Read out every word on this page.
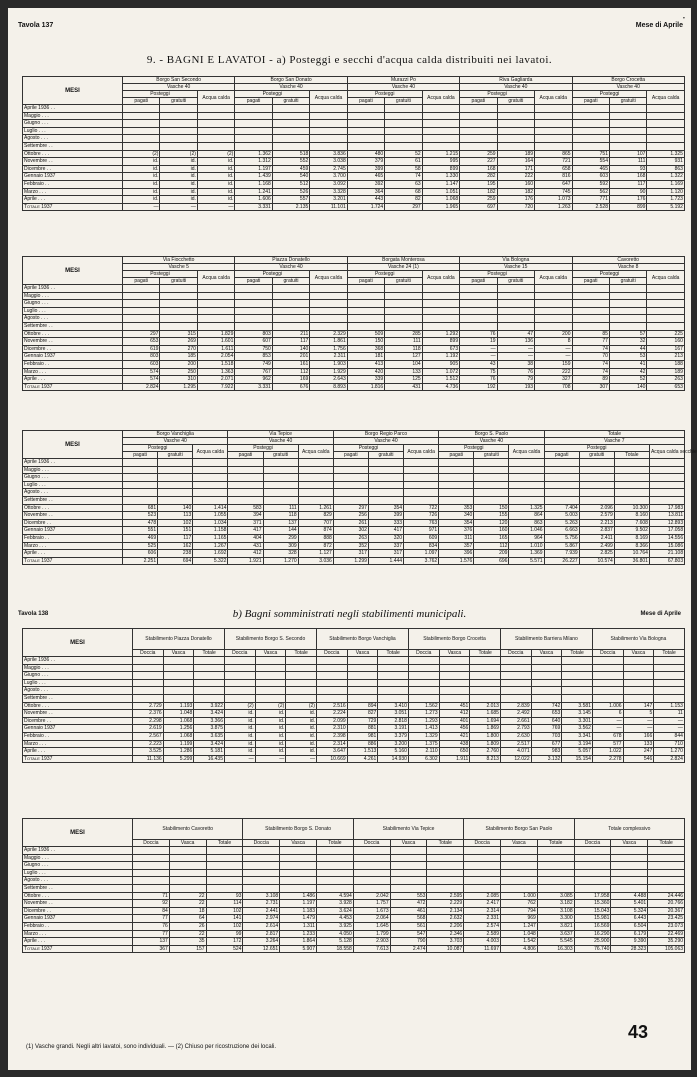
Tavola 137	Mese di Aprile
•
9. - BAGNI E LAVATOI - a) Posteggi e secchi d'acqua calda distribuiti nei lavatoi.
MESI	Borgo San Secondo			Borgo San Donato			Murazzi Po			Riva Gagliarda			Borgo Crocetta		
	Vasche 40			Vasche 40			Vasche 40			Vasche 40			Vasche 40		
	Posteggi		Acqua calda	Posteggi		Acqua calda	Posteggi		Acqua calda	Posteggi		Acqua calda	Posteggi		Acqua calda
	pagati	gratuiti		pagati	gratuiti		pagati	gratuiti		pagati	gratuiti		pagati	gratuiti	
Aprile 1936 . .															
Maggio . . .															
Giugno . . .															
Luglio . . .															
Agosto . . .															
Settembre . .															
Ottobre . . .	(2)	(2)	(2)	1.362	518	3.836	480	52	1.215	259	189	865	751	107	1.325
Novembre . .	id.	id.	id.	1.312	552	3.038	379	61	995	227	164	721	554	111	931
Dicembre . .	id.	id.	id.	1.197	459	2.745	399	58	899	168	171	658	465	93	863
Gennaio 1937	id.	id.	id.	1.439	540	3.700	465	74	1.330	282	222	816	603	168	1.322
Febbraio . .	id.	id.	id.	1.168	512	3.092	392	63	1.147	195	160	647	592	117	1.169
Marzo . . .	id.	id.	id.	1.241	526	3.328	364	68	1.051	182	182	745	562	90	1.120
Aprile . . .	id.	id.	id.	1.606	557	3.201	443	82	1.068	259	176	1.073	771	176	1.723
Totale 1937	—	—	—	3.331	2.135	11.101	1.724	297	1.965	697	720	1.263	2.528	899	5.192
MESI	Via Fiocchetto			Piazza Donatello			Borgata Monterosa			Via Bologna			Cavoretto		
	Vasche 5			Vasche 40			Vasche 24 (1)			Vasche 15			Vasche 8		
	Posteggi		Acqua calda	Posteggi		Acqua calda	Posteggi		Acqua calda	Posteggi		Acqua calda	Posteggi		Acqua calda
	pagati	gratuiti		pagati	gratuiti		pagati	gratuiti		pagati	gratuiti		pagati	gratuiti	
Aprile 1936 . .															
Maggio . . .															
Giugno . . .															
Luglio . . .															
Agosto . . .															
Settembre . .															
Ottobre . . .	297	315	1.829	803	211	2.329	509	285	1.292	76	47	200	85	57	225
Novembre . .	653	269	1.601	607	117	1.861	150	111	899	19	136	8	77	32	160
Dicembre . .	619	270	1.611	750	140	1.756	368	118	673	—	—	—	74	44	167
Gennaio 1937	803	185	2.054	853	201	2.311	181	127	1.192	—	—	—	70	53	213
Febbraio . .	603	200	1.518	749	161	1.903	413	104	905	43	38	159	74	41	188
Marzo . . .	574	250	1.363	767	112	1.929	420	133	1.072	75	76	222	74	42	189
Aprile . . .	574	310	2.071	962	169	2.643	339	125	1.512	76	79	327	89	52	263
Totale 1937	2.824	1.295	7.922	3.331	676	8.893	1.816	431	4.736	192	193	708	307	140	653
MESI	Borgo Vanchiglia			Via Tepice			Borgo Regio Parco			Borgo S. Paolo			Totale			
	Vasche 40			Vasche 40			Vasche 40			Vasche 40			Vasche 7			
	Posteggi		Acqua calda	Posteggi		Acqua calda	Posteggi		Acqua calda	Posteggi		Acqua calda	Posteggi			Acqua calda secchie
	pagati	gratuiti		pagati	gratuiti		pagati	gratuiti		pagati	gratuiti		pagati	gratuiti	Totale	
Aprile 1936 . .																
Maggio . . .																
Giugno . . .																
Luglio . . .																
Agosto . . .																
Settembre . .																
Ottobre . . .	681	140	1.414	583	111	1.261	297	354	722	353	150	1.325	7.404	2.096	10.300	17.983
Novembre . .	523	113	1.055	394	118	829	256	399	726	340	155	864	5.003	2.579	8.160	13.811
Dicembre . .	478	102	1.034	371	137	707	261	333	763	354	120	863	5.263	2.213	7.608	12.893
Gennaio 1937	551	151	1.158	417	144	874	302	417	971	376	160	1.046	6.663	2.837	9.502	17.058
Febbraio . .	469	117	1.165	404	299	888	263	320	609	311	165	964	5.756	2.411	8.169	14.556
Marzo . . .	525	162	1.267	431	309	872	352	337	834	357	112	1.010	5.867	2.499	8.366	15.086
Aprile . . .	606	238	1.692	412	328	1.127	317	317	1.097	396	209	1.369	7.939	2.825	10.764	21.108
Totale 1937	2.251	694	5.322	1.921	1.270	3.036	1.299	1.444	3.762	1.576	696	5.571	26.227	10.574	36.801	67.803
Tavola 138	Mese di Aprile
b) Bagni somministrati negli stabilimenti municipali.
MESI	Stabilimento Piazza Donatello			Stabilimento Borgo S. Secondo			Stabilimento Borgo Vanchiglia			Stabilimento Borgo Crocetta			Stabilimento Barriera Milano			Stabilimento Via Bologna		
	Doccia	Vasca	Totale	Doccia	Vasca	Totale	Doccia	Vasca	Totale	Doccia	Vasca	Totale	Doccia	Vasca	Totale	Doccia	Vasca	Totale
Aprile 1936 . .																		
Maggio . . .																		
Giugno . . .																		
Luglio . . .																		
Agosto . . .																		
Settembre . .																		
Ottobre . . .	2.729	1.193	3.922	(2)	(2)	(2)	2.516	894	3.410	1.562	451	2.013	2.839	742	3.581	1.006	147	1.153
Novembre . .	2.376	1.048	3.424	id.	id.	id.	2.224	827	3.051	1.273	412	1.685	2.492	653	3.145	6	5	11
Dicembre . .	2.298	1.068	3.366	id.	id.	id.	2.099	729	2.818	1.293	401	1.694	2.661	640	3.301	—	—	—
Gennaio 1937	2.619	1.256	3.875	id.	id.	id.	2.310	881	3.191	1.413	456	1.869	2.793	769	3.562	—	—	—
Febbraio . .	2.567	1.068	3.635	id.	id.	id.	2.398	981	3.379	1.329	421	1.800	2.630	703	3.341	678	166	844
Marzo . . .	2.223	1.199	3.424	id.	id.	id.	2.314	886	3.200	1.375	438	1.809	2.517	677	3.194	577	133	710
Aprile . . .	3.525	1.286	5.181	id.	id.	id.	3.647	1.513	5.160	2.110	650	2.760	4.071	983	5.057	1.022	247	1.270
Totale 1937	11.136	5.299	16.435	—	—	—	10.669	4.261	14.930	6.302	1.911	8.213	12.022	3.132	15.154	2.278	546	2.824
MESI	Stabilimento Cavoretto			Stabilimento Borgo S. Donato			Stabilimento Via Tepice			Stabilimento Borgo San Paolo			Totale complessivo		
	Doccia	Vasca	Totale	Doccia	Vasca	Totale	Doccia	Vasca	Totale	Doccia	Vasca	Totale	Doccia	Vasca	Totale
Aprile 1936 . .															
Maggio . . .															
Giugno . . .															
Luglio . . .															
Agosto . . .															
Settembre . .															
Ottobre . . .	71	22	93	3.108	1.486	4.594	2.042	553	2.595	2.085	1.000	3.085	17.958	4.488	24.446
Novembre . .	92	22	114	2.731	1.197	3.928	1.757	472	2.229	2.417	762	3.182	15.360	5.401	20.766
Dicembre . .	84	18	102	2.441	1.183	3.624	1.673	461	2.134	2.314	794	3.108	15.043	5.324	20.367
Gennaio 1937	77	64	141	2.974	1.479	4.453	2.064	568	2.632	2.331	969	3.300	15.981	6.443	23.425
Febbraio . .	76	26	102	2.614	1.311	3.925	1.645	561	2.206	2.574	1.247	3.821	16.569	6.504	23.073
Marzo . . .	77	22	99	2.817	1.233	4.050	1.799	547	2.346	2.589	1.048	3.637	16.290	6.179	22.469
Aprile . . .	137	35	172	3.264	1.864	5.128	2.903	790	3.703	4.003	1.542	5.545	25.900	9.390	35.290
Totale 1937	367	157	524	12.651	5.907	18.558	7.613	2.474	10.087	11.697	4.806	16.303	76.740	28.323	105.063
(1) Vasche grandi. Negli altri lavatoi, sono individuali. — (2) Chiuso per ricostruzione dei locali.
43
